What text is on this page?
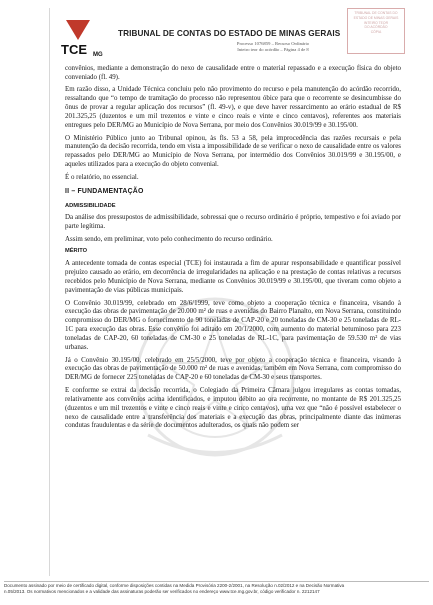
TCE MG
TRIBUNAL DE CONTAS DO ESTADO DE MINAS GERAIS
Processo 1076859 – Recurso Ordinário
Inteiro teor do acórdão – Página 4 de 8
TRIBUNAL DE CONTAS DO
ESTADO DE MINAS GERAIS
INTEIRO TEOR
DO ACÓRDÃO
CÓPIA

convênios, mediante a demonstração do nexo de causalidade entre o material repassado e a execução física do objeto conveniado (fl. 49).

Em razão disso, a Unidade Técnica concluiu pelo não provimento do recurso e pela manutenção do acórdão recorrido, ressaltando que “o tempo de tramitação do processo não representou óbice para que o recorrente se desincumbisse do ônus de provar a regular aplicação dos recursos” (fl. 49-v), e que deve haver ressarcimento ao erário estadual de R$ 201.325,25 (duzentos e um mil trezentos e vinte e cinco reais e vinte e cinco centavos), referentes aos materiais entregues pelo DER/MG ao Município de Nova Serrana, por meio dos Convênios 30.019/99 e 30.195/00.

O Ministério Público junto ao Tribunal opinou, às fls. 53 a 58, pela improcedência das razões recursais e pela manutenção da decisão recorrida, tendo em vista a impossibilidade de se verificar o nexo de causalidade entre os valores repassados pelo DER/MG ao Município de Nova Serrana, por intermédio dos Convênios 30.019/99 e 30.195/00, e aqueles utilizados para a execução do objeto convenial.

É o relatório, no essencial.

II – FUNDAMENTAÇÃO

ADMISSIBILIDADE

Da análise dos pressupostos de admissibilidade, sobressai que o recurso ordinário é próprio, tempestivo e foi aviado por parte legítima.

Assim sendo, em preliminar, voto pelo conhecimento do recurso ordinário.

MÉRITO

A antecedente tomada de contas especial (TCE) foi instaurada a fim de apurar responsabilidade e quantificar possível prejuízo causado ao erário, em decorrência de irregularidades na aplicação e na prestação de contas relativas a recursos recebidos pelo Município de Nova Serrana, mediante os Convênios 30.019/99 e 30.195/00, que tiveram como objeto a pavimentação de vias públicas municipais.

O Convênio 30.019/99, celebrado em 28/6/1999, teve como objeto a cooperação técnica e financeira, visando à execução das obras de pavimentação de 20.000 m² de ruas e avenidas do Bairro Planalto, em Nova Serrana, constituindo compromisso do DER/MG o fornecimento de 90 toneladas de CAP-20 e 20 toneladas de CM-30 e 25 toneladas de RL-1C para execução das obras. Esse convênio foi aditado em 20/1/2000, com aumento do material betuminoso para 223 toneladas de CAP-20, 60 toneladas de CM-30 e 25 toneladas de RL-1C, para pavimentação de 59.530 m² de vias urbanas.

Já o Convênio 30.195/00, celebrado em 25/5/2000, teve por objeto a cooperação técnica e financeira, visando à execução das obras de pavimentação de 50.000 m² de ruas e avenidas, também em Nova Serrana, com compromisso do DER/MG de fornecer 225 toneladas de CAP-20 e 60 toneladas de CM-30 e seus transportes.

E conforme se extrai da decisão recorrida, o Colegiado da Primeira Câmara julgou irregulares as contas tomadas, relativamente aos convênios acima identificados, e imputou débito ao ora recorrente, no montante de R$ 201.325,25 (duzentos e um mil trezentos e vinte e cinco reais e vinte e cinco centavos), uma vez que “não é possível estabelecer o nexo de causalidade entre a transferência dos materiais e a execução das obras, principalmente diante das inúmeras condutas fraudulentas e da série de documentos adulterados, os quais não podem ser

Documento assinado por meio de certificado digital, conforme disposições contidas na Medida Provisória 2200-2/2001, na Resolução n.02/2012 e na Decisão Normativa
n.05/2013. Os normativos mencionados e a validade das assinaturas poderão ser verificados no endereço www.tce.mg.gov.br, código verificador n. 2212147
